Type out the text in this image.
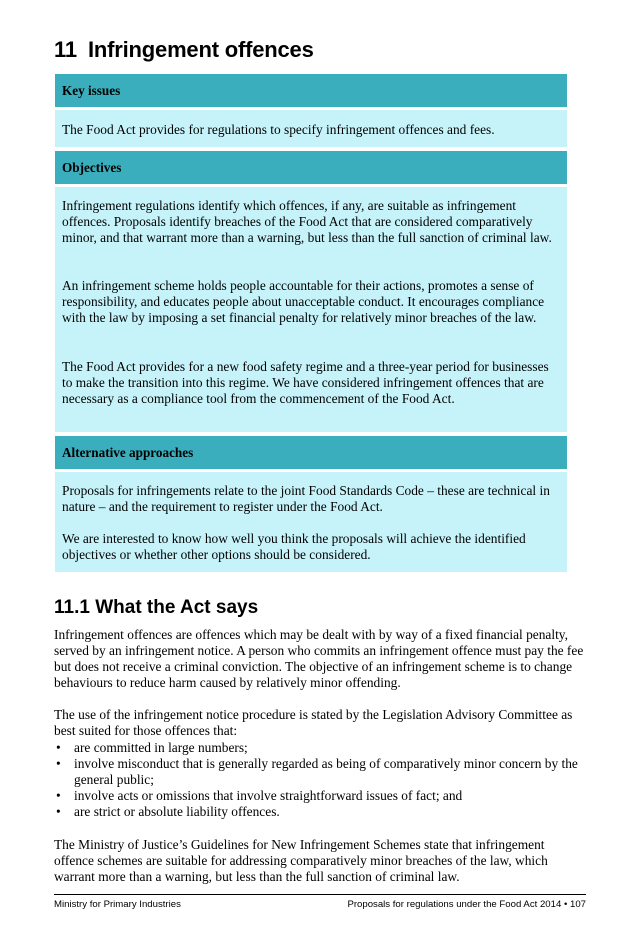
11 Infringement offences
Key issues

The Food Act provides for regulations to specify infringement offences and fees.

Objectives

Infringement regulations identify which offences, if any, are suitable as infringement offences. Proposals identify breaches of the Food Act that are considered comparatively minor, and that warrant more than a warning, but less than the full sanction of criminal law.

An infringement scheme holds people accountable for their actions, promotes a sense of responsibility, and educates people about unacceptable conduct. It encourages compliance with the law by imposing a set financial penalty for relatively minor breaches of the law.

The Food Act provides for a new food safety regime and a three-year period for businesses to make the transition into this regime. We have considered infringement offences that are necessary as a compliance tool from the commencement of the Food Act.

Alternative approaches

Proposals for infringements relate to the joint Food Standards Code – these are technical in nature – and the requirement to register under the Food Act.

We are interested to know how well you think the proposals will achieve the identified objectives or whether other options should be considered.

11.1 What the Act says

Infringement offences are offences which may be dealt with by way of a fixed financial penalty, served by an infringement notice. A person who commits an infringement offence must pay the fee but does not receive a criminal conviction. The objective of an infringement scheme is to change behaviours to reduce harm caused by relatively minor offending.

The use of the infringement notice procedure is stated by the Legislation Advisory Committee as best suited for those offences that:

• are committed in large numbers;
• involve misconduct that is generally regarded as being of comparatively minor concern by the general public;
• involve acts or omissions that involve straightforward issues of fact; and
• are strict or absolute liability offences.

The Ministry of Justice’s Guidelines for New Infringement Schemes state that infringement offence schemes are suitable for addressing comparatively minor breaches of the law, which warrant more than a warning, but less than the full sanction of criminal law.

Ministry for Primary Industries	Proposals for regulations under the Food Act 2014 • 107
